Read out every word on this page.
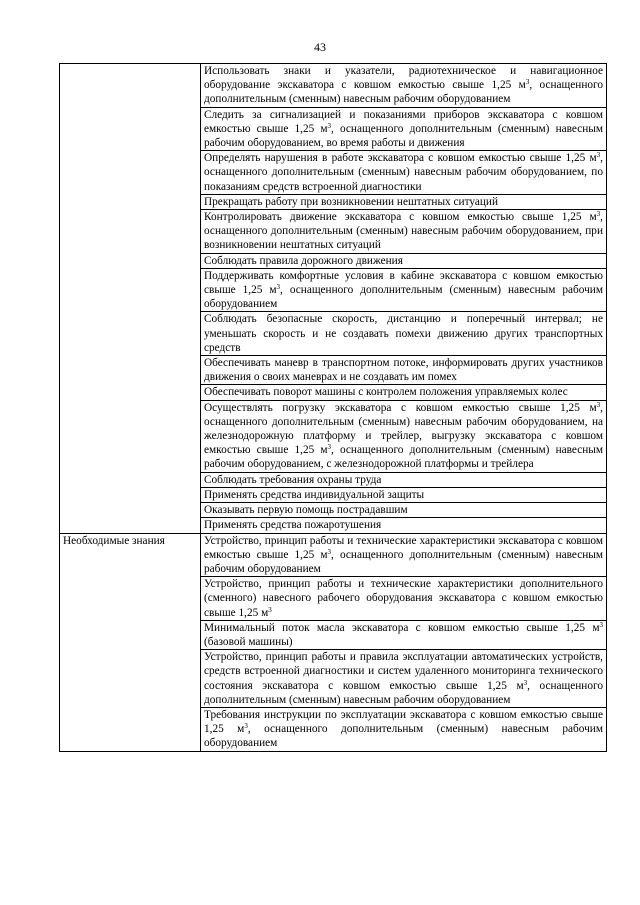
43
	Использовать знаки и указатели, радиотехническое и навигационное оборудование экскаватора с ковшом емкостью свыше 1,25 $м^3$, оснащенного дополнительным (сменным) навесным рабочим оборудованием
	Следить за сигнализацией и показаниями приборов экскаватора с ковшом емкостью свыше 1,25 $м^3$, оснащенного дополнительным (сменным) навесным рабочим оборудованием, во время работы и движения
	Определять нарушения в работе экскаватора с ковшом емкостью свыше 1,25 $м^3$, оснащенного дополнительным (сменным) навесным рабочим оборудованием, по показаниям средств встроенной диагностики
	Прекращать работу при возникновении нештатных ситуаций
	Контролировать движение экскаватора с ковшом емкостью свыше 1,25 $м^3$, оснащенного дополнительным (сменным) навесным рабочим оборудованием, при возникновении нештатных ситуаций
	Соблюдать правила дорожного движения
	Поддерживать комфортные условия в кабине экскаватора с ковшом емкостью свыше 1,25 $м^3$, оснащенного дополнительным (сменным) навесным рабочим оборудованием
	Соблюдать безопасные скорость, дистанцию и поперечный интервал; не уменьшать скорость и не создавать помехи движению других транспортных средств
	Обеспечивать маневр в транспортном потоке, информировать других участников движения о своих маневрах и не создавать им помех
	Обеспечивать поворот машины с контролем положения управляемых колес
	Осуществлять погрузку экскаватора с ковшом емкостью свыше 1,25 $м^3$, оснащенного дополнительным (сменным) навесным рабочим оборудованием, на железнодорожную платформу и трейлер, выгрузку экскаватора с ковшом емкостью свыше 1,25 $м^3$, оснащенного дополнительным (сменным) навесным рабочим оборудованием, с железнодорожной платформы и трейлера
	Соблюдать требования охраны труда
	Применять средства индивидуальной защиты
	Оказывать первую помощь пострадавшим
	Применять средства пожаротушения
Необходимые знания	Устройство, принцип работы и технические характеристики экскаватора с ковшом емкостью свыше 1,25 $м^3$, оснащенного дополнительным (сменным) навесным рабочим оборудованием
	Устройство, принцип работы и технические характеристики дополнительного (сменного) навесного рабочего оборудования экскаватора с ковшом емкостью свыше 1,25 $м^3$
	Минимальный поток масла экскаватора с ковшом емкостью свыше 1,25 $м^3$ (базовой машины)
	Устройство, принцип работы и правила эксплуатации автоматических устройств, средств встроенной диагностики и систем удаленного мониторинга технического состояния экскаватора с ковшом емкостью свыше 1,25 $м^3$, оснащенного дополнительным (сменным) навесным рабочим оборудованием
	Требования инструкции по эксплуатации экскаватора с ковшом емкостью свыше 1,25 $м^3$, оснащенного дополнительным (сменным) навесным рабочим оборудованием
